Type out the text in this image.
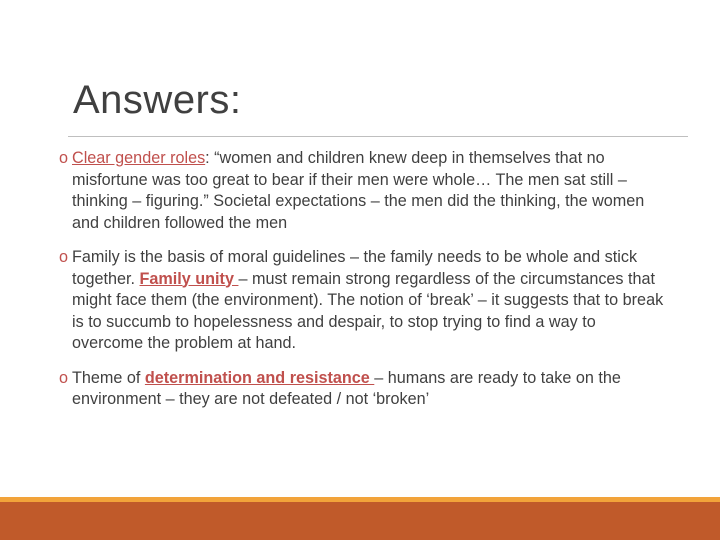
Answers:
o Clear gender roles: “women and children knew deep in themselves that no misfortune was too great to bear if their men were whole… The men sat still – thinking – figuring.” Societal expectations – the men did the thinking, the women and children followed the men
o Family is the basis of moral guidelines – the family needs to be whole and stick together. Family unity – must remain strong regardless of the circumstances that might face them (the environment). The notion of ‘break’ – it suggests that to break is to succumb to hopelessness and despair, to stop trying to find a way to overcome the problem at hand.
o Theme of determination and resistance – humans are ready to take on the environment – they are not defeated / not ‘broken’
